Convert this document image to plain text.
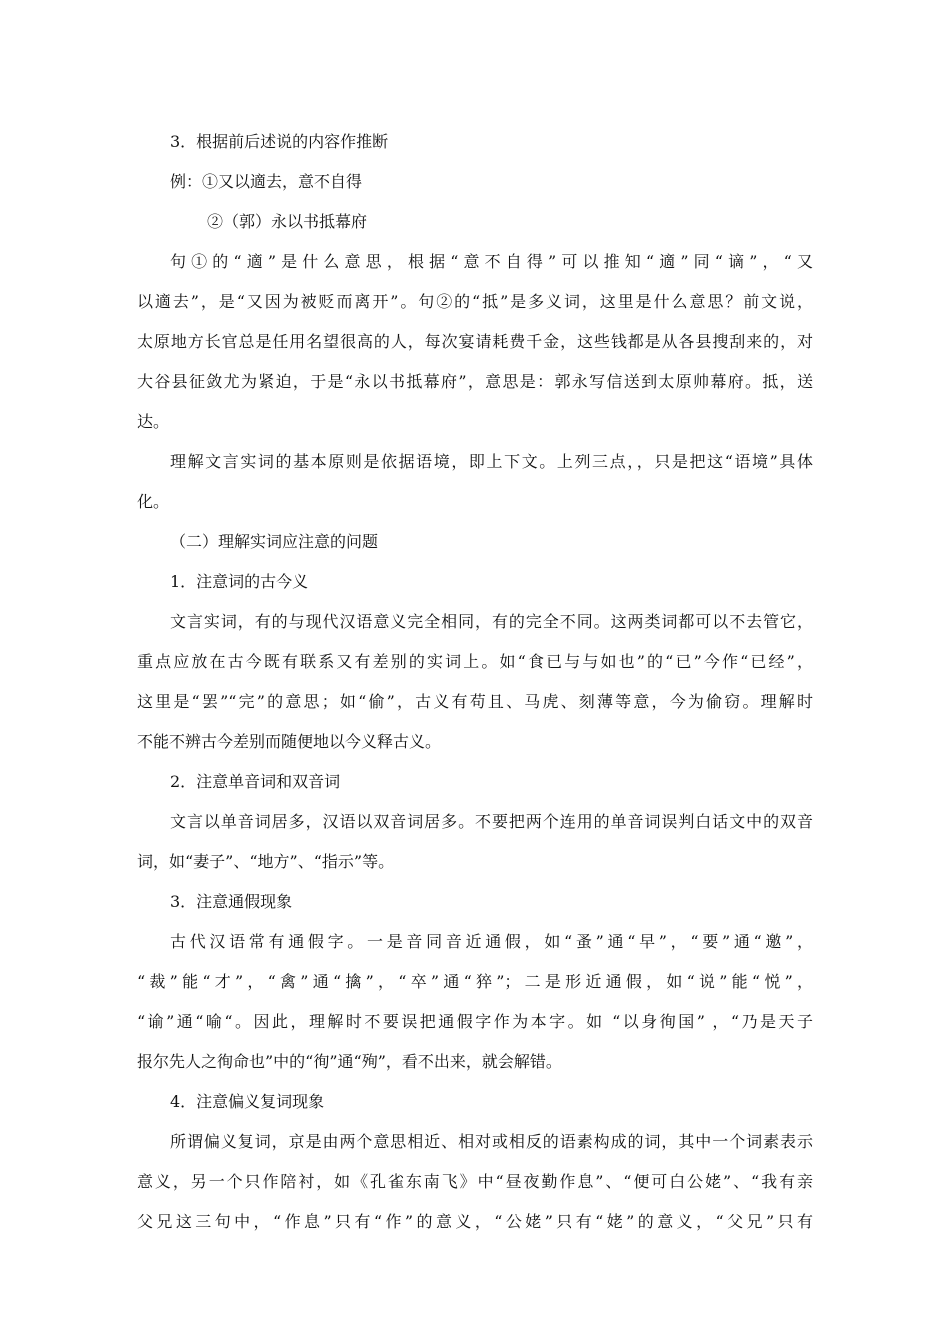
3．根据前后述说的内容作推断
例：①又以適去，意不自得
②（郭）永以书抵幕府
句①的“適”是什么意思，根据“意不自得”可以推知“適”同“谪”，“又
以適去”，是“又因为被贬而离开”。句②的“抵”是多义词，这里是什么意思？前文说，
太原地方长官总是任用名望很高的人，每次宴请耗费千金，这些钱都是从各县搜刮来的，对
大谷县征敛尤为紧迫，于是“永以书抵幕府”，意思是：郭永写信送到太原帅幕府。抵，送
达。
理解文言实词的基本原则是依据语境，即上下文。上列三点，，只是把这“语境”具体
化。
（二）理解实词应注意的问题
1．注意词的古今义
文言实词，有的与现代汉语意义完全相同，有的完全不同。这两类词都可以不去管它，
重点应放在古今既有联系又有差别的实词上。如“食已与与如也”的“已”今作“已经”，
这里是“罢”“完”的意思；如“偷”，古义有苟且、马虎、刻薄等意，今为偷窃。理解时
不能不辨古今差别而随便地以今义释古义。
2．注意单音词和双音词
文言以单音词居多，汉语以双音词居多。不要把两个连用的单音词误判白话文中的双音
词，如“妻子”、“地方”、“指示”等。
3．注意通假现象
古代汉语常有通假字。一是音同音近通假，如“蚤”通“早”，“要”通“邀”，
“裁”能“才”，“禽”通“擒”，“卒”通“猝”；二是形近通假，如“说”能“悦”，
“谕”通“喻“。因此，理解时不要误把通假字作为本字。如 “以身徇国” ，“乃是天子
报尔先人之徇命也”中的“徇”通“殉”，看不出来，就会解错。
4．注意偏义复词现象
所谓偏义复词，京是由两个意思相近、相对或相反的语素构成的词，其中一个词素表示
意义，另一个只作陪衬，如《孔雀东南飞》中“昼夜勤作息”、“便可白公姥”、“我有亲
父兄这三句中，“作息”只有“作”的意义，“公姥”只有“姥”的意义，“父兄”只有
